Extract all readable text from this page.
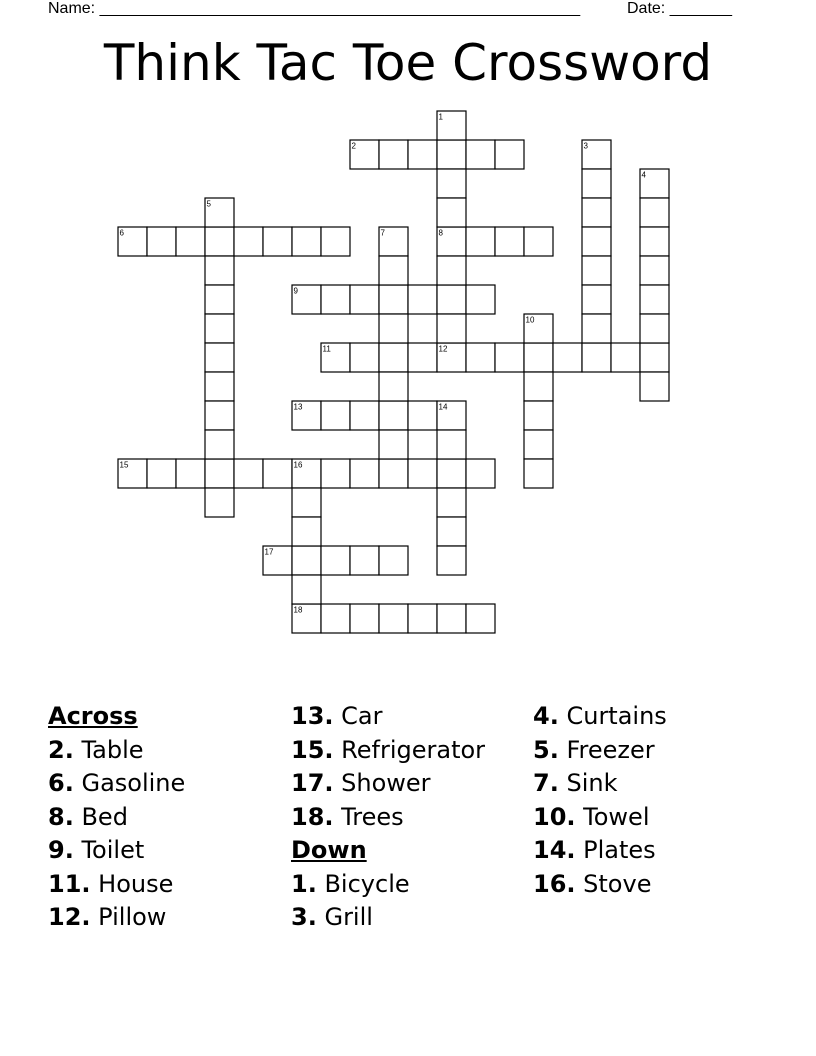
Name: ______________________________________________________	Date: _______
Think Tac Toe Crossword
2
6	8
9
11	12
13
15
17
18
1
3
4
5
7
10
14
16
Across
2. Table
6. Gasoline
8. Bed
9. Toilet
11. House
12. Pillow
13. Car
15. Refrigerator
17. Shower
18. Trees
Down
1. Bicycle
3. Grill
4. Curtains
5. Freezer
7. Sink
10. Towel
14. Plates
16. Stove
